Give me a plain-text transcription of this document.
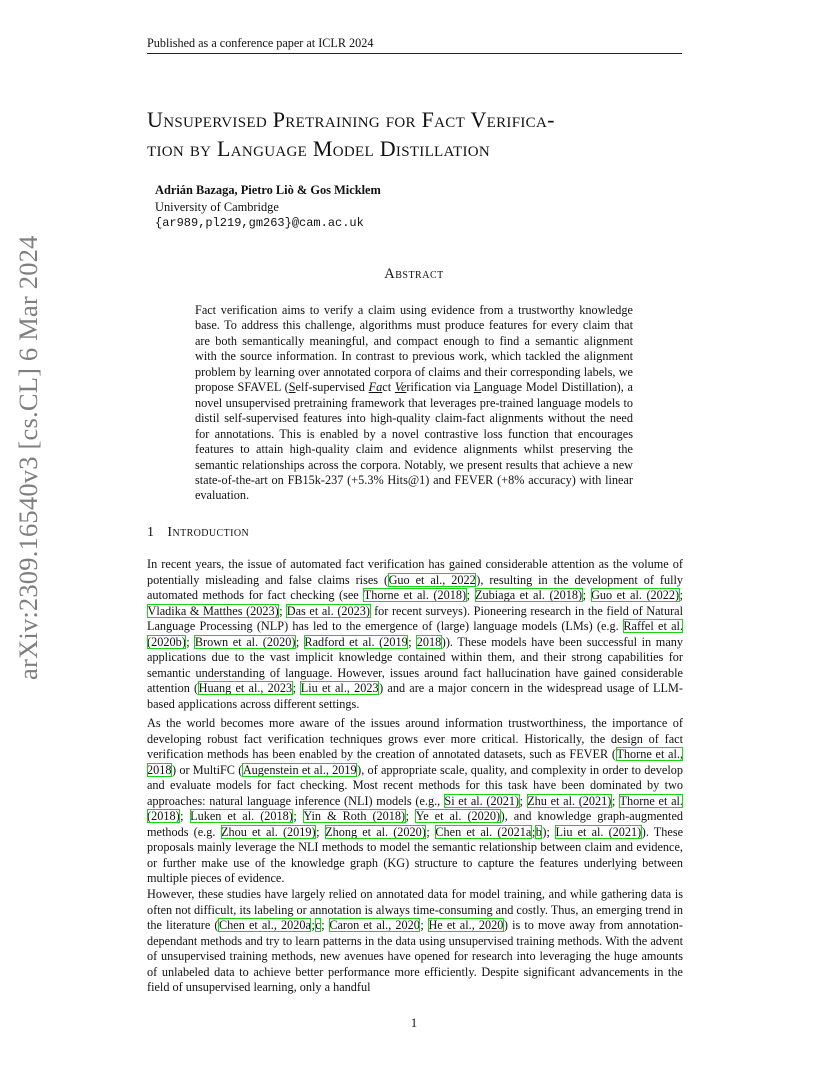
Published as a conference paper at ICLR 2024
arXiv:2309.16540v3 [cs.CL] 6 Mar 2024
Unsupervised Pretraining for Fact Verifica-
tion by Language Model Distillation
Adrián Bazaga, Pietro Liò & Gos Micklem
University of Cambridge
{ar989,pl219,gm263}@cam.ac.uk
Abstract

Fact verification aims to verify a claim using evidence from a trustworthy knowledge base. To address this challenge, algorithms must produce features for every claim that are both semantically meaningful, and compact enough to find a semantic alignment with the source information. In contrast to previous work, which tackled the alignment problem by learning over annotated corpora of claims and their corresponding labels, we propose SFAVEL (Self-supervised Fact Verification via Language Model Distillation), a novel unsupervised pretraining framework that leverages pre-trained language models to distil self-supervised features into high-quality claim-fact alignments without the need for annotations. This is enabled by a novel contrastive loss function that encourages features to attain high-quality claim and evidence alignments whilst preserving the semantic relationships across the corpora. Notably, we present results that achieve a new state-of-the-art on FB15k-237 (+5.3% Hits@1) and FEVER (+8% accuracy) with linear evaluation.

1 Introduction

In recent years, the issue of automated fact verification has gained considerable attention as the volume of potentially misleading and false claims rises (Guo et al., 2022), resulting in the development of fully automated methods for fact checking (see Thorne et al. (2018); Zubiaga et al. (2018); Guo et al. (2022); Vladika & Matthes (2023); Das et al. (2023) for recent surveys). Pioneering research in the field of Natural Language Processing (NLP) has led to the emergence of (large) language models (LMs) (e.g. Raffel et al. (2020b); Brown et al. (2020); Radford et al. (2019; 2018)). These models have been successful in many applications due to the vast implicit knowledge contained within them, and their strong capabilities for semantic understanding of language. However, issues around fact hallucination have gained considerable attention (Huang et al., 2023; Liu et al., 2023) and are a major concern in the widespread usage of LLM-based applications across different settings.

As the world becomes more aware of the issues around information trustworthiness, the importance of developing robust fact verification techniques grows ever more critical. Historically, the design of fact verification methods has been enabled by the creation of annotated datasets, such as FEVER (Thorne et al., 2018) or MultiFC (Augenstein et al., 2019), of appropriate scale, quality, and complexity in order to develop and evaluate models for fact checking. Most recent methods for this task have been dominated by two approaches: natural language inference (NLI) models (e.g., Si et al. (2021); Zhu et al. (2021); Thorne et al. (2018); Luken et al. (2018); Yin & Roth (2018); Ye et al. (2020)), and knowledge graph-augmented methods (e.g. Zhou et al. (2019); Zhong et al. (2020); Chen et al. (2021a;b); Liu et al. (2021)). These proposals mainly leverage the NLI methods to model the semantic relationship between claim and evidence, or further make use of the knowledge graph (KG) structure to capture the features underlying between multiple pieces of evidence.

However, these studies have largely relied on annotated data for model training, and while gathering data is often not difficult, its labeling or annotation is always time-consuming and costly. Thus, an emerging trend in the literature (Chen et al., 2020a;c; Caron et al., 2020; He et al., 2020) is to move away from annotation-dependant methods and try to learn patterns in the data using unsupervised training methods. With the advent of unsupervised training methods, new avenues have opened for research into leveraging the huge amounts of unlabeled data to achieve better performance more efficiently. Despite significant advancements in the field of unsupervised learning, only a handful

1
